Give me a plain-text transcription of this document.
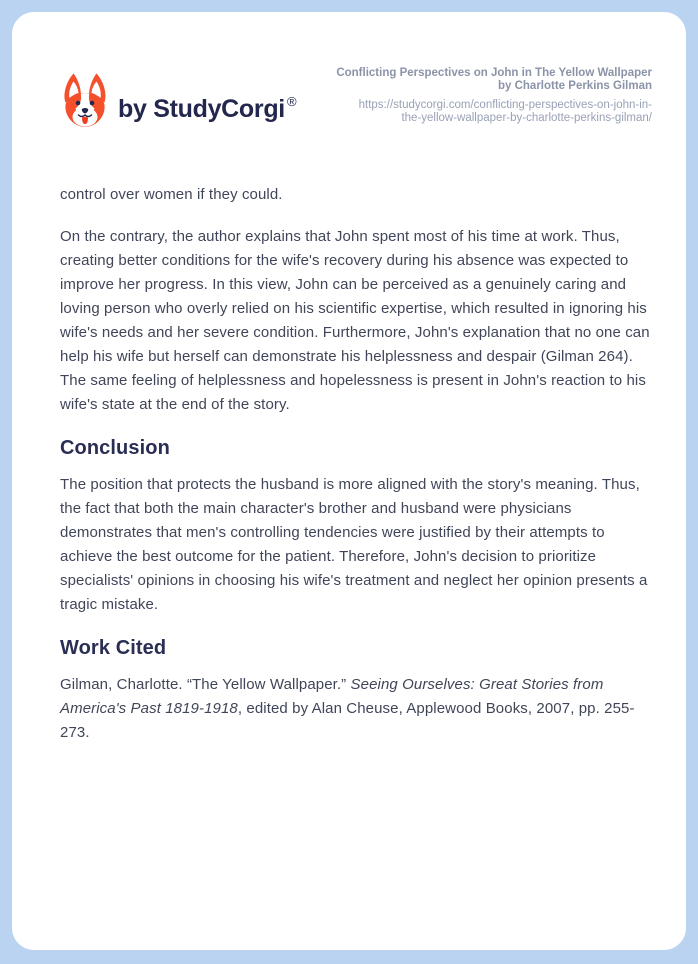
by StudyCorgi ®
Conflicting Perspectives on John in The Yellow Wallpaper
by Charlotte Perkins Gilman
https://studycorgi.com/conflicting-perspectives-on-john-in-
the-yellow-wallpaper-by-charlotte-perkins-gilman/

control over women if they could.

On the contrary, the author explains that John spent most of his time at work. Thus, creating better conditions for the wife's recovery during his absence was expected to improve her progress. In this view, John can be perceived as a genuinely caring and loving person who overly relied on his scientific expertise, which resulted in ignoring his wife's needs and her severe condition. Furthermore, John's explanation that no one can help his wife but herself can demonstrate his helplessness and despair (Gilman 264). The same feeling of helplessness and hopelessness is present in John's reaction to his wife's state at the end of the story.

Conclusion

The position that protects the husband is more aligned with the story's meaning. Thus, the fact that both the main character's brother and husband were physicians demonstrates that men's controlling tendencies were justified by their attempts to achieve the best outcome for the patient. Therefore, John's decision to prioritize specialists' opinions in choosing his wife's treatment and neglect her opinion presents a tragic mistake.

Work Cited

Gilman, Charlotte. “The Yellow Wallpaper.” Seeing Ourselves: Great Stories from America's Past 1819-1918, edited by Alan Cheuse, Applewood Books, 2007, pp. 255-273.
